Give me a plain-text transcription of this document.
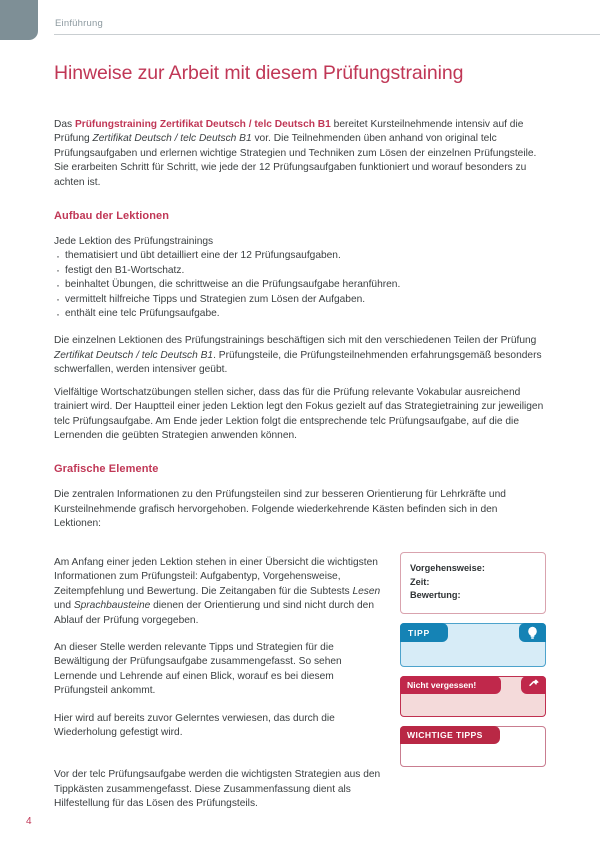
Einführung
Hinweise zur Arbeit mit diesem Prüfungstraining

Das Prüfungstraining Zertifikat Deutsch / telc Deutsch B1 bereitet Kursteilnehmende intensiv auf die Prüfung Zertifikat Deutsch / telc Deutsch B1 vor. Die Teilnehmenden üben anhand von original telc Prüfungsaufgaben und erlernen wichtige Strategien und Techniken zum Lösen der einzelnen Prüfungsteile. Sie erarbeiten Schritt für Schritt, wie jede der 12 Prüfungsaufgaben funktioniert und worauf besonders zu achten ist.

Aufbau der Lektionen

Jede Lektion des Prüfungstrainings

· thematisiert und übt detailliert eine der 12 Prüfungsaufgaben.
· festigt den B1-Wortschatz.
· beinhaltet Übungen, die schrittweise an die Prüfungsaufgabe heranführen.
· vermittelt hilfreiche Tipps und Strategien zum Lösen der Aufgaben.
· enthält eine telc Prüfungsaufgabe.

Die einzelnen Lektionen des Prüfungstrainings beschäftigen sich mit den verschiedenen Teilen der Prüfung Zertifikat Deutsch / telc Deutsch B1. Prüfungsteile, die Prüfungsteilnehmenden erfahrungsgemäß besonders schwerfallen, werden intensiver geübt.

Vielfältige Wortschatzübungen stellen sicher, dass das für die Prüfung relevante Vokabular ausreichend trainiert wird. Der Hauptteil einer jeden Lektion legt den Fokus gezielt auf das Strategietraining zur jeweiligen telc Prüfungsaufgabe. Am Ende jeder Lektion folgt die entsprechende telc Prüfungsaufgabe, auf die die Lernenden die geübten Strategien anwenden können.

Grafische Elemente

Die zentralen Informationen zu den Prüfungsteilen sind zur besseren Orientierung für Lehrkräfte und Kursteilnehmende grafisch hervorgehoben. Folgende wiederkehrende Kästen befinden sich in den Lektionen:

Am Anfang einer jeden Lektion stehen in einer Übersicht die wichtigsten Informationen zum Prüfungsteil: Aufgabentyp, Vorgehensweise, Zeitempfehlung und Bewertung. Die Zeitangaben für die Subtests Lesen und Sprachbausteine dienen der Orientierung und sind nicht durch den Ablauf der Prüfung vorgegeben.

An dieser Stelle werden relevante Tipps und Strategien für die Bewältigung der Prüfungsaufgabe zusammengefasst. So sehen Lernende und Lehrende auf einen Blick, worauf es bei diesem Prüfungsteil ankommt.

Hier wird auf bereits zuvor Gelerntes verwiesen, das durch die Wiederholung gefestigt wird.

Vor der telc Prüfungsaufgabe werden die wichtigsten Strategien aus den Tippkästen zusammengefasst. Diese Zusammenfassung dient als Hilfestellung für das Lösen des Prüfungsteils.

Vorgehensweise:
Zeit:
Bewertung:
TIPP
Nicht vergessen!
WICHTIGE TIPPS
4
